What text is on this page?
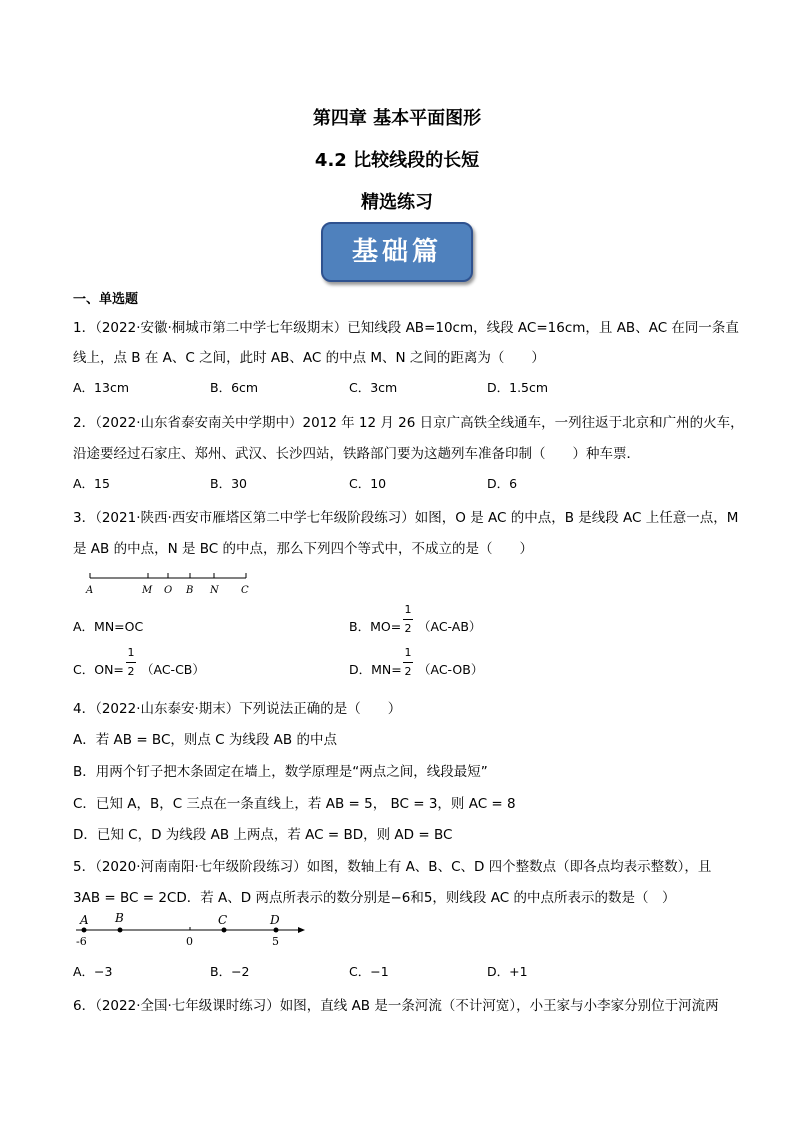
第四章 基本平面图形
4.2 比较线段的长短
精选练习
基础篇
一、单选题
1．（2022·安徽·桐城市第二中学七年级期末）已知线段 AB=10cm，线段 AC=16cm，且 AB、AC 在同一条直
线上，点 B 在 A、C 之间，此时 AB、AC 的中点 M、N 之间的距离为（　　）
A．13cm	B．6cm	C．3cm	D．1.5cm
2．（2022·山东省泰安南关中学期中）2012 年 12 月 26 日京广高铁全线通车，一列往返于北京和广州的火车，
沿途要经过石家庄、郑州、武汉、长沙四站，铁路部门要为这趟列车准备印制（　　）种车票．
A．15	B．30	C．10	D．6
3．（2021·陕西·西安市雁塔区第二中学七年级阶段练习）如图，O 是 AC 的中点，B 是线段 AC 上任意一点，M
是 AB 的中点，N 是 BC 的中点，那么下列四个等式中，不成立的是（　　）
A	M O B N C
A．MN=OC	B．MO=
1
2 （AC-AB）
C．ON=
1
2 （AC-CB）	D．MN=
1
2 （AC-OB）
4．（2022·山东泰安·期末）下列说法正确的是（　　）
A．若 AB = BC，则点 C 为线段 AB 的中点
B．用两个钉子把木条固定在墙上，数学原理是“两点之间，线段最短”
C．已知 A，B，C 三点在一条直线上，若 AB = 5， BC = 3，则 AC = 8
D．已知 C，D 为线段 AB 上两点，若 AC = BD，则 AD = BC
5．（2020·河南南阳·七年级阶段练习）如图，数轴上有 A、B、C、D 四个整数点（即各点均表示整数），且
3AB = BC = 2CD．若 A、D 两点所表示的数分别是−6和5，则线段 AC 的中点所表示的数是（　）
A B	C	D
-6	0	5
A．−3	B．−2	C．−1	D．+1
6．（2022·全国·七年级课时练习）如图，直线 AB 是一条河流（不计河宽），小王家与小李家分别位于河流两
